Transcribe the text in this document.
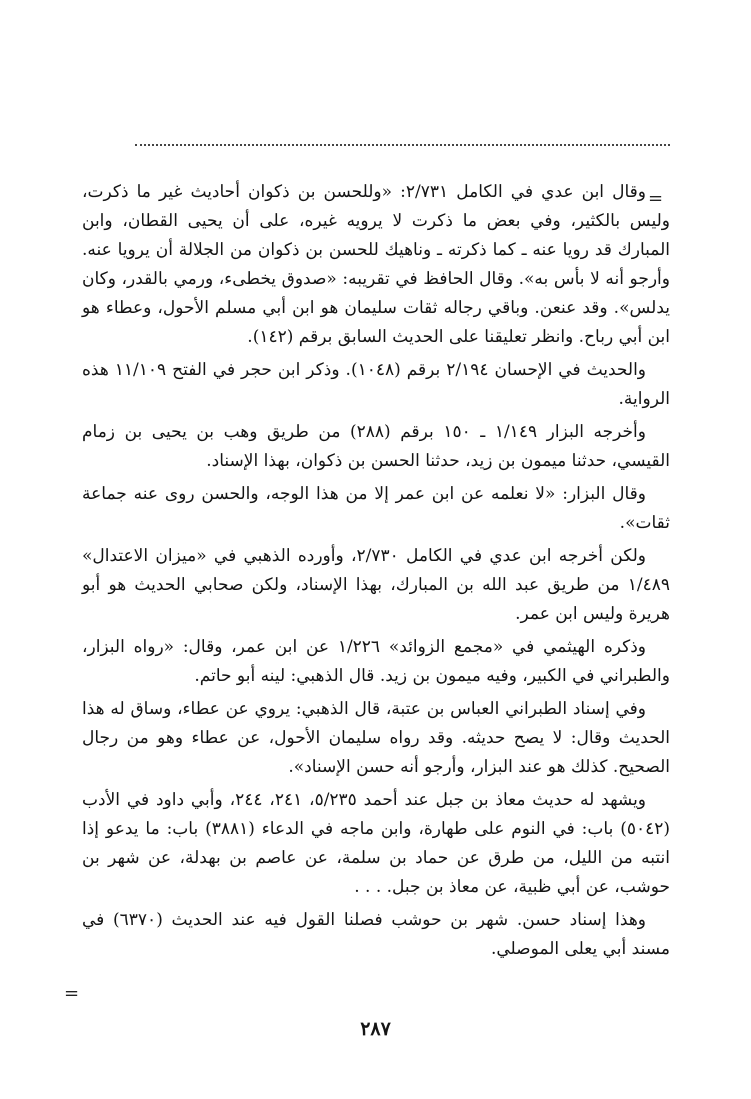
=

وقال ابن عدي في الكامل ٢/٧٣١: «وللحسن بن ذكوان أحاديث غير ما ذكرت، وليس بالكثير، وفي بعض ما ذكرت لا يرويه غيره، على أن يحيى القطان، وابن المبارك قد رويا عنه ـ كما ذكرته ـ وناهيك للحسن بن ذكوان من الجلالة أن يرويا عنه. وأرجو أنه لا بأس به». وقال الحافظ في تقريبه: «صدوق يخطىء، ورمي بالقدر، وكان يدلس». وقد عنعن. وباقي رجاله ثقات سليمان هو ابن أبي مسلم الأحول، وعطاء هو ابن أبي رباح. وانظر تعليقنا على الحديث السابق برقم (١٤٢).

والحديث في الإحسان ٢/١٩٤ برقم (١٠٤٨). وذكر ابن حجر في الفتح ١١/١٠٩ هذه الرواية.

وأخرجه البزار ١/١٤٩ ـ ١٥٠ برقم (٢٨٨) من طريق وهب بن يحيى بن زمام القيسي، حدثنا ميمون بن زيد، حدثنا الحسن بن ذكوان، بهذا الإسناد.

وقال البزار: «لا نعلمه عن ابن عمر إلا من هذا الوجه، والحسن روى عنه جماعة ثقات».

ولكن أخرجه ابن عدي في الكامل ٢/٧٣٠، وأورده الذهبي في «ميزان الاعتدال» ١/٤٨٩ من طريق عبد الله بن المبارك، بهذا الإسناد، ولكن صحابي الحديث هو أبو هريرة وليس ابن عمر.

وذكره الهيثمي في «مجمع الزوائد» ١/٢٢٦ عن ابن عمر، وقال: «رواه البزار، والطبراني في الكبير، وفيه ميمون بن زيد. قال الذهبي: لينه أبو حاتم.

وفي إسناد الطبراني العباس بن عتبة، قال الذهبي: يروي عن عطاء، وساق له هذا الحديث وقال: لا يصح حديثه. وقد رواه سليمان الأحول، عن عطاء وهو من رجال الصحيح. كذلك هو عند البزار، وأرجو أنه حسن الإسناد».

ويشهد له حديث معاذ بن جبل عند أحمد ٥/٢٣٥، ٢٤١، ٢٤٤، وأبي داود في الأدب (٥٠٤٢) باب: في النوم على طهارة، وابن ماجه في الدعاء (٣٨٨١) باب: ما يدعو إذا انتبه من الليل، من طرق عن حماد بن سلمة، عن عاصم بن بهدلة، عن شهر بن حوشب، عن أبي ظبية، عن معاذ بن جبل. . . .

وهذا إسناد حسن. شهر بن حوشب فصلنا القول فيه عند الحديث (٦٣٧٠) في مسند أبي يعلى الموصلي.

=
٢٨٧
